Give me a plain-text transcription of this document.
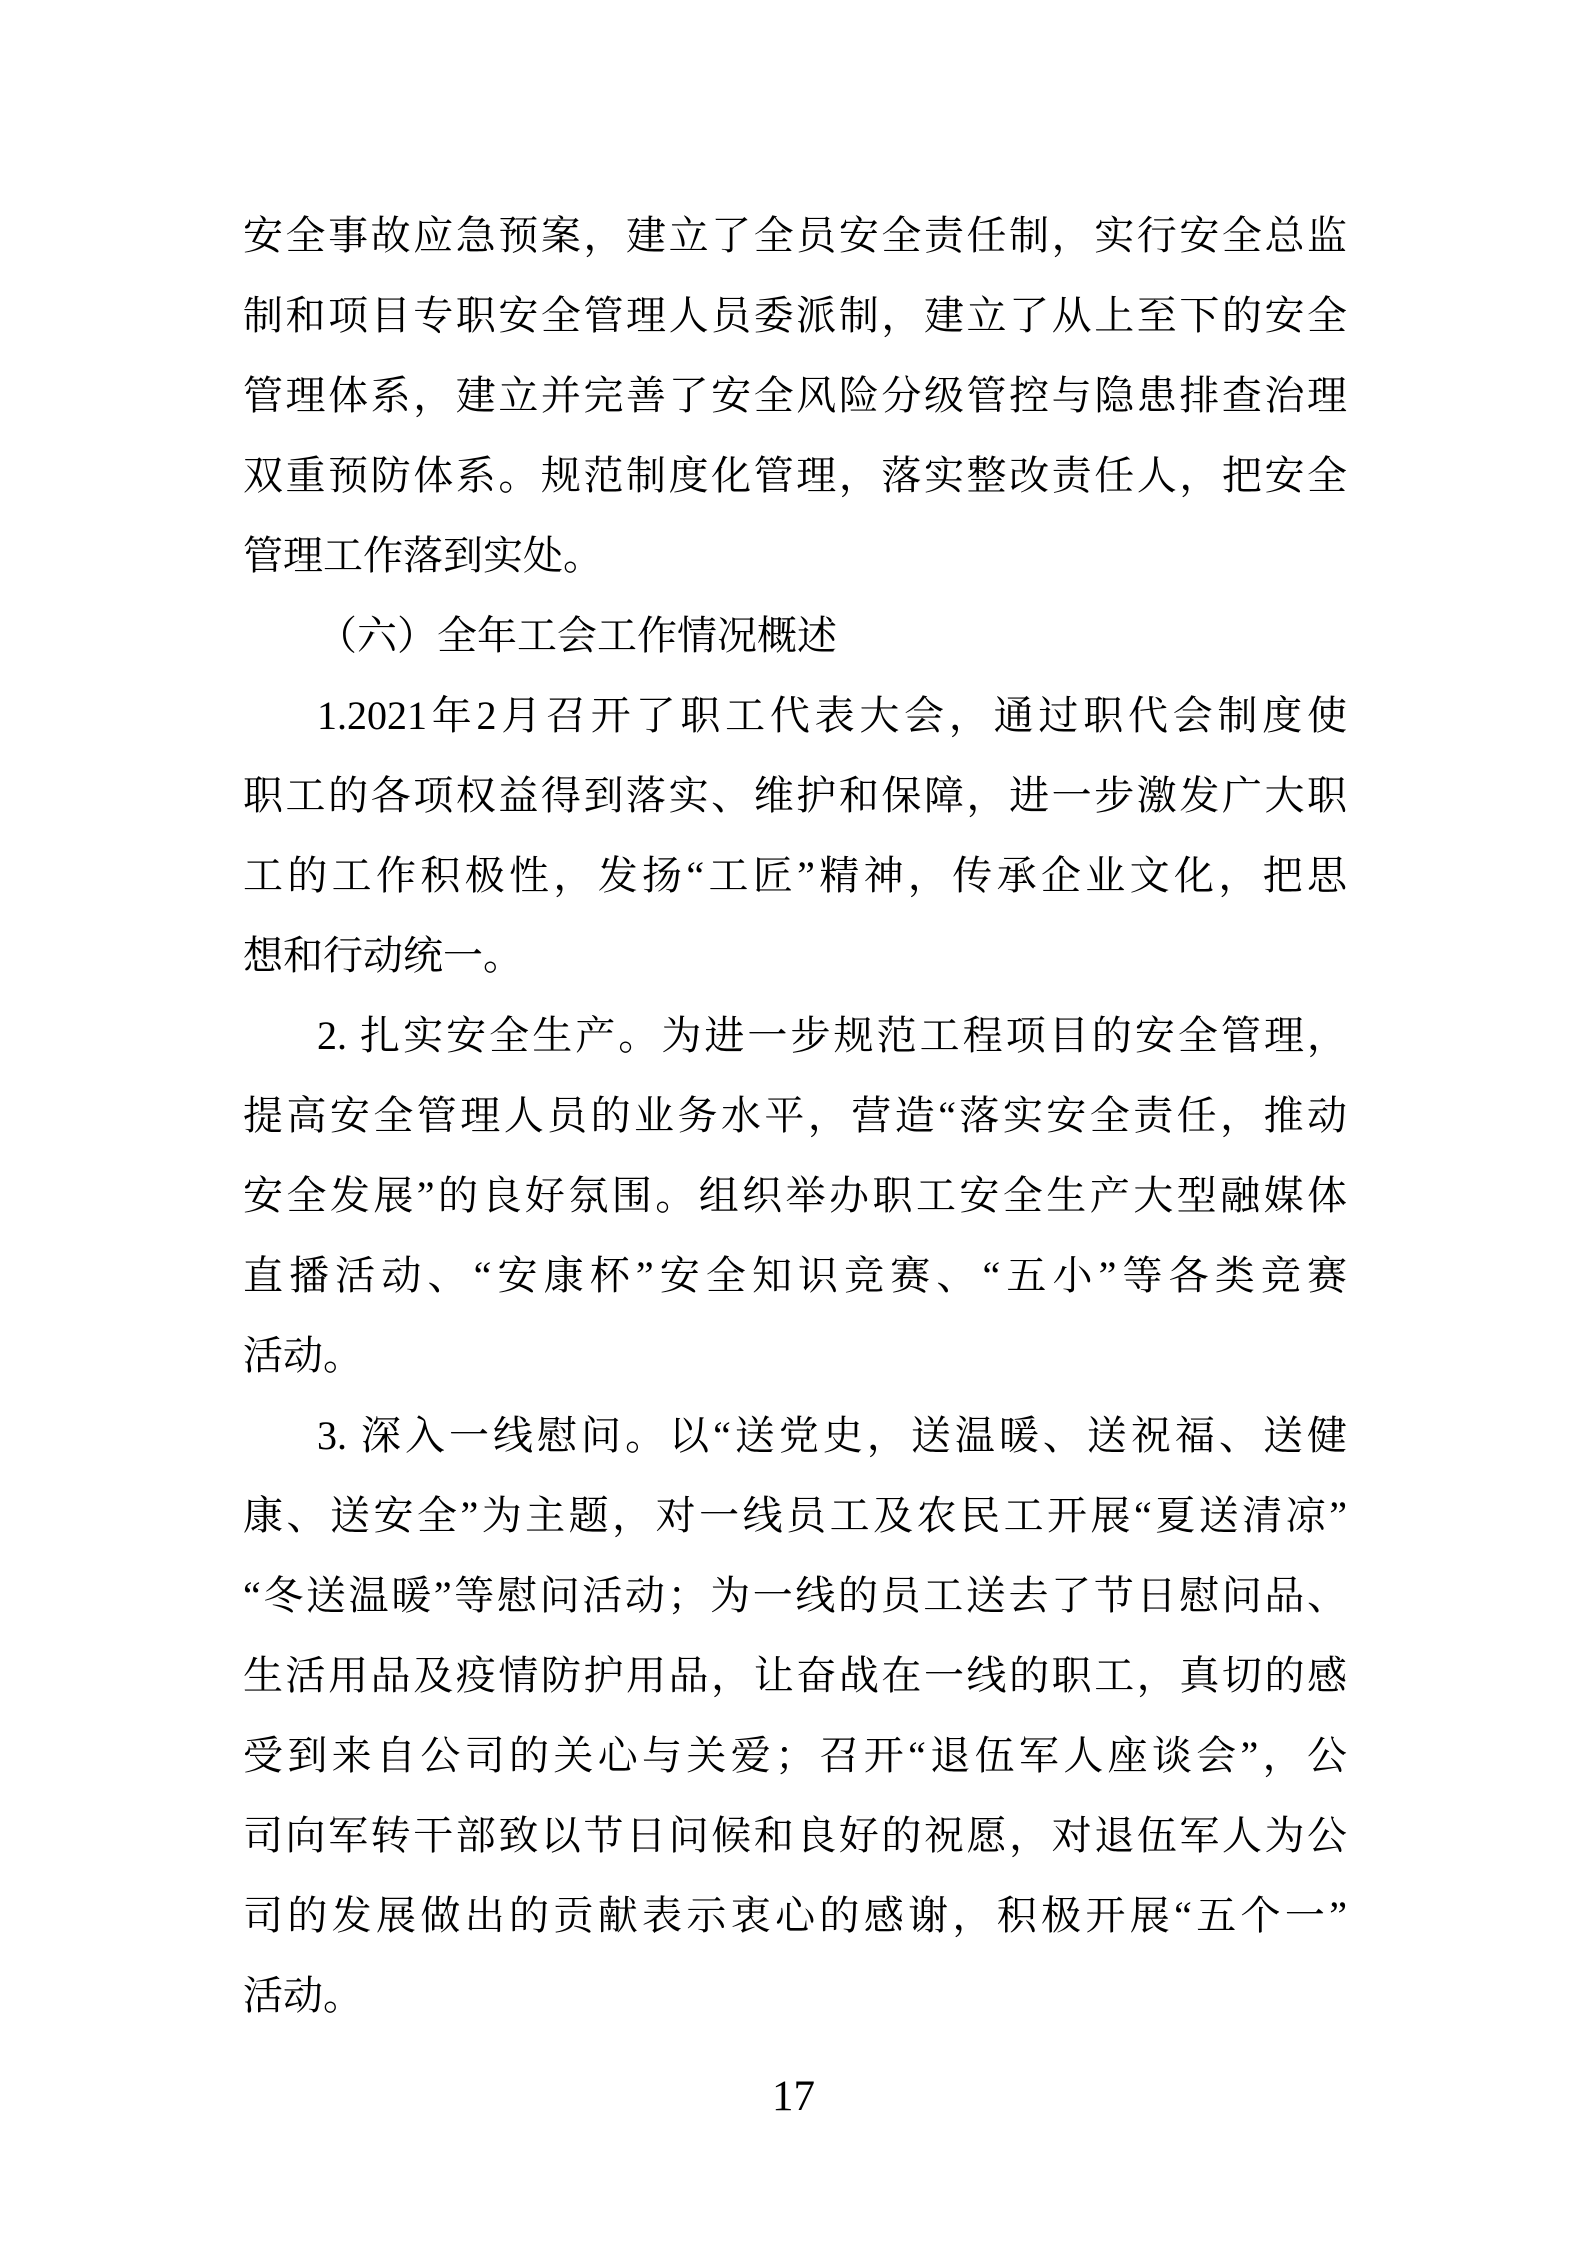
安全事故应急预案，建立了全员安全责任制，实行安全总监
制和项目专职安全管理人员委派制，建立了从上至下的安全
管理体系，建立并完善了安全风险分级管控与隐患排查治理
双重预防体系。规范制度化管理，落实整改责任人，把安全
管理工作落到实处。
（六）全年工会工作情况概述
1.2021年2月召开了职工代表大会，通过职代会制度使
职工的各项权益得到落实、维护和保障，进一步激发广大职
工的工作积极性，发扬“工匠”精神，传承企业文化，把思
想和行动统一。
2. 扎实安全生产。为进一步规范工程项目的安全管理，
提高安全管理人员的业务水平，营造“落实安全责任，推动
安全发展”的良好氛围。组织举办职工安全生产大型融媒体
直播活动、“安康杯”安全知识竞赛、“五小”等各类竞赛
活动。
3. 深入一线慰问。以“送党史，送温暖、送祝福、送健
康、送安全”为主题，对一线员工及农民工开展“夏送清凉”
“冬送温暖”等慰问活动；为一线的员工送去了节日慰问品、
生活用品及疫情防护用品，让奋战在一线的职工，真切的感
受到来自公司的关心与关爱；召开“退伍军人座谈会”，公
司向军转干部致以节日问候和良好的祝愿，对退伍军人为公
司的发展做出的贡献表示衷心的感谢，积极开展“五个一”
活动。
17
